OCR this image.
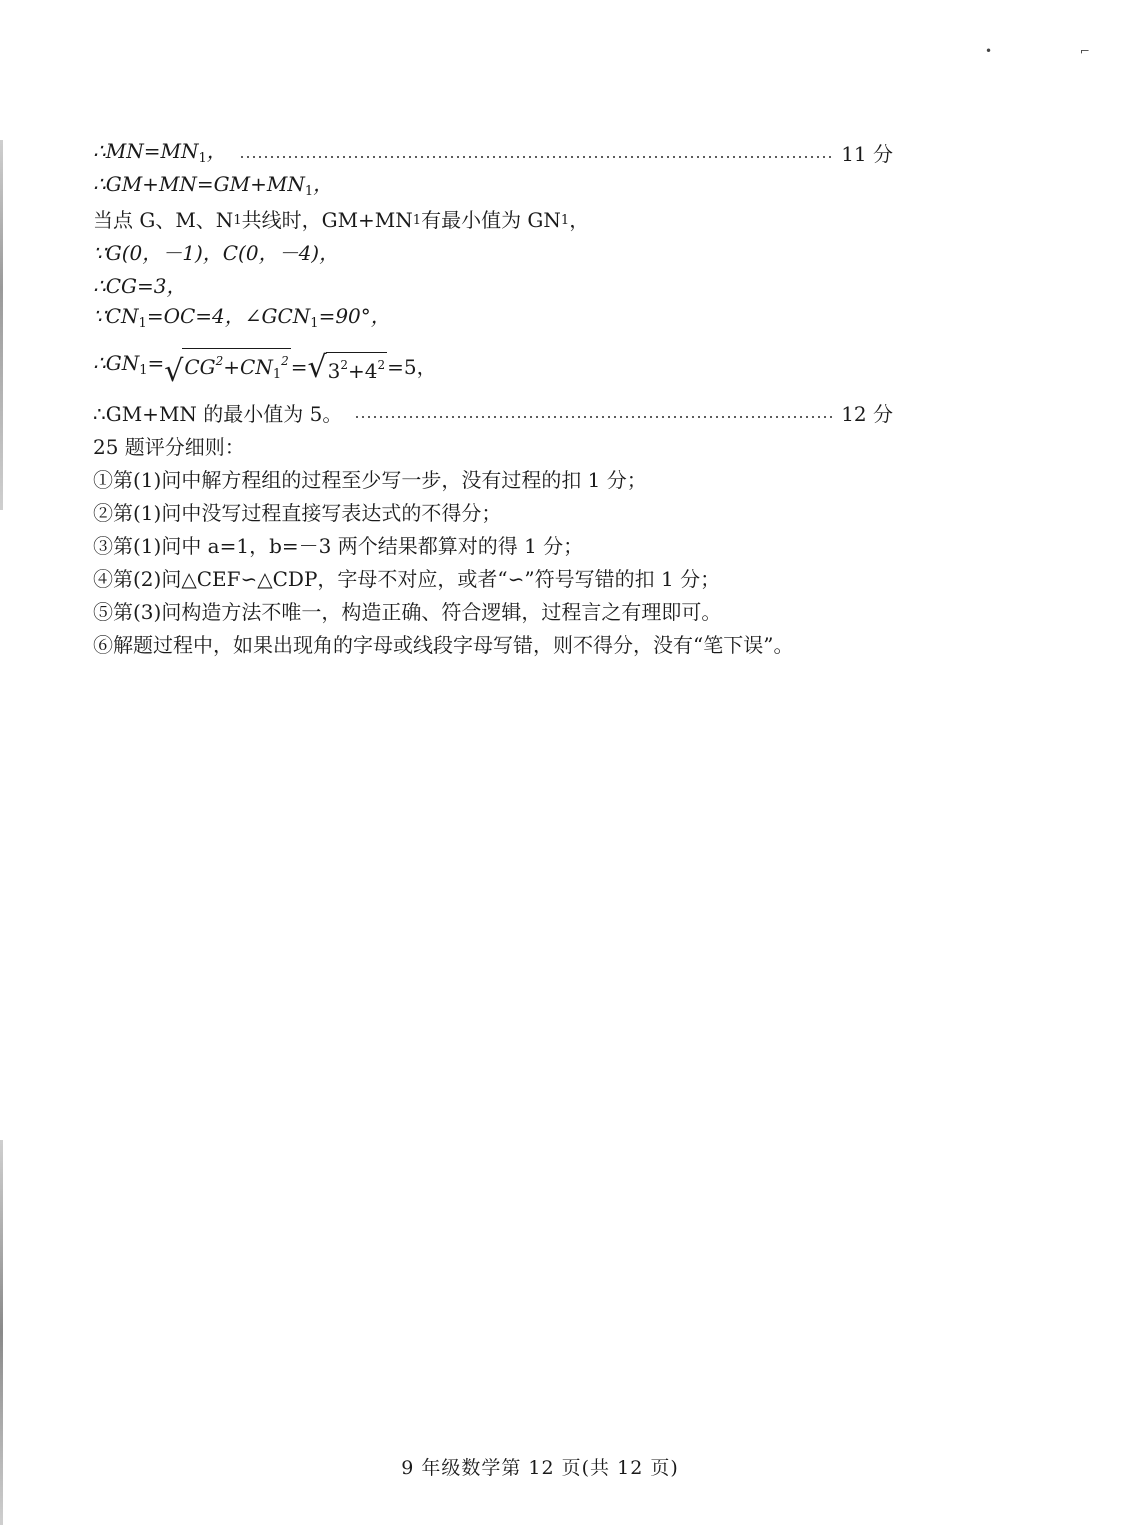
• ⌐
$\therefore MN=MN_1$，	11 分
$\therefore GM+MN=GM+MN_1$，
当点 G、M、N 1 共线时，GM+MN 1 有最小值为 GN 1 ，
∵G(0，－1)，C(0，－4)，
∴CG=3，
$\because CN_1=OC=4$，$\angle GCN_1=90^\circ$，
$\therefore GN_1=$ √ $CG^2+CN_1^2$ = √ $3^2+4^2 =5$，
∴GM+MN 的最小值为 5。	12 分
25 题评分细则：
①第(1)问中解方程组的过程至少写一步，没有过程的扣 1 分；
②第(1)问中没写过程直接写表达式的不得分；
③第(1)问中 a=1，b=－3 两个结果都算对的得 1 分；
④第(2)问△CEF∽△CDP，字母不对应，或者“∽”符号写错的扣 1 分；
⑤第(3)问构造方法不唯一，构造正确、符合逻辑，过程言之有理即可。
⑥解题过程中，如果出现角的字母或线段字母写错，则不得分，没有“笔下误”。
9 年级数学第 12 页(共 12 页)
